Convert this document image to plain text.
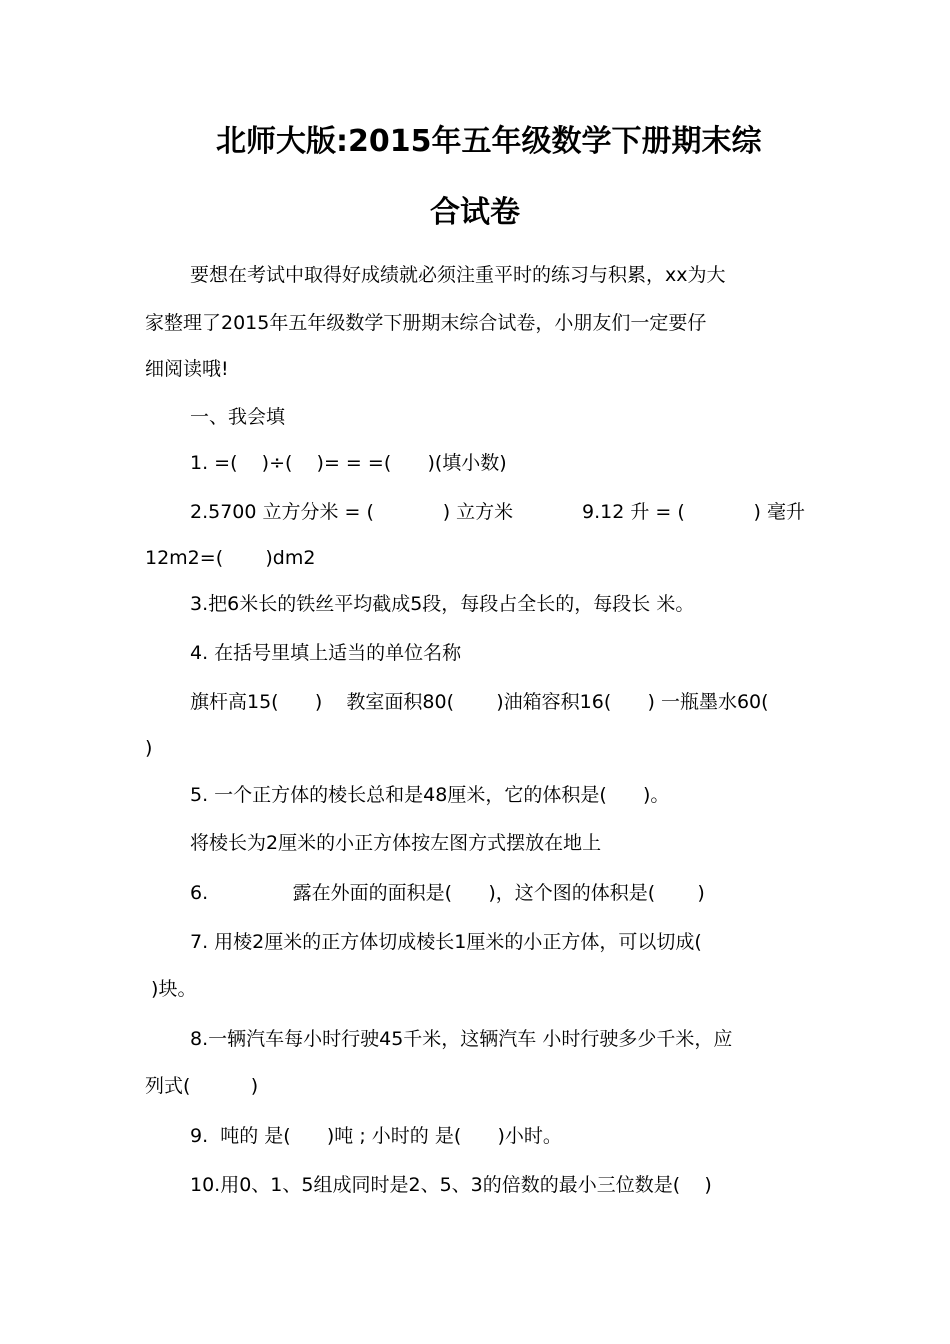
北师大版:2015年五年级数学下册期末综
合试卷
要想在考试中取得好成绩就必须注重平时的练习与积累，xx为大
家整理了2015年五年级数学下册期末综合试卷，小朋友们一定要仔
细阅读哦!
一、我会填
1. =(    )÷(    )= = =(      )(填小数)
2.5700 立方分米 = (	) 立方米	9.12 升 = (	) 毫升
12m2=(       )dm2
3.把6米长的铁丝平均截成5段，每段占全长的，每段长 米。
4. 在括号里填上适当的单位名称
旗杆高15(      )    教室面积80(       )油箱容积16(      ) 一瓶墨水60(
)
5. 一个正方体的棱长总和是48厘米，它的体积是(      )。
将棱长为2厘米的小正方体按左图方式摆放在地上
6.              露在外面的面积是(      )，这个图的体积是(       )
7. 用棱2厘米的正方体切成棱长1厘米的小正方体，可以切成(
)块。
8.一辆汽车每小时行驶45千米，这辆汽车 小时行驶多少千米，应
列式(          )
9.  吨的 是(      )吨 ; 小时的 是(      )小时。
10.用0、1、5组成同时是2、5、3的倍数的最小三位数是(    )
